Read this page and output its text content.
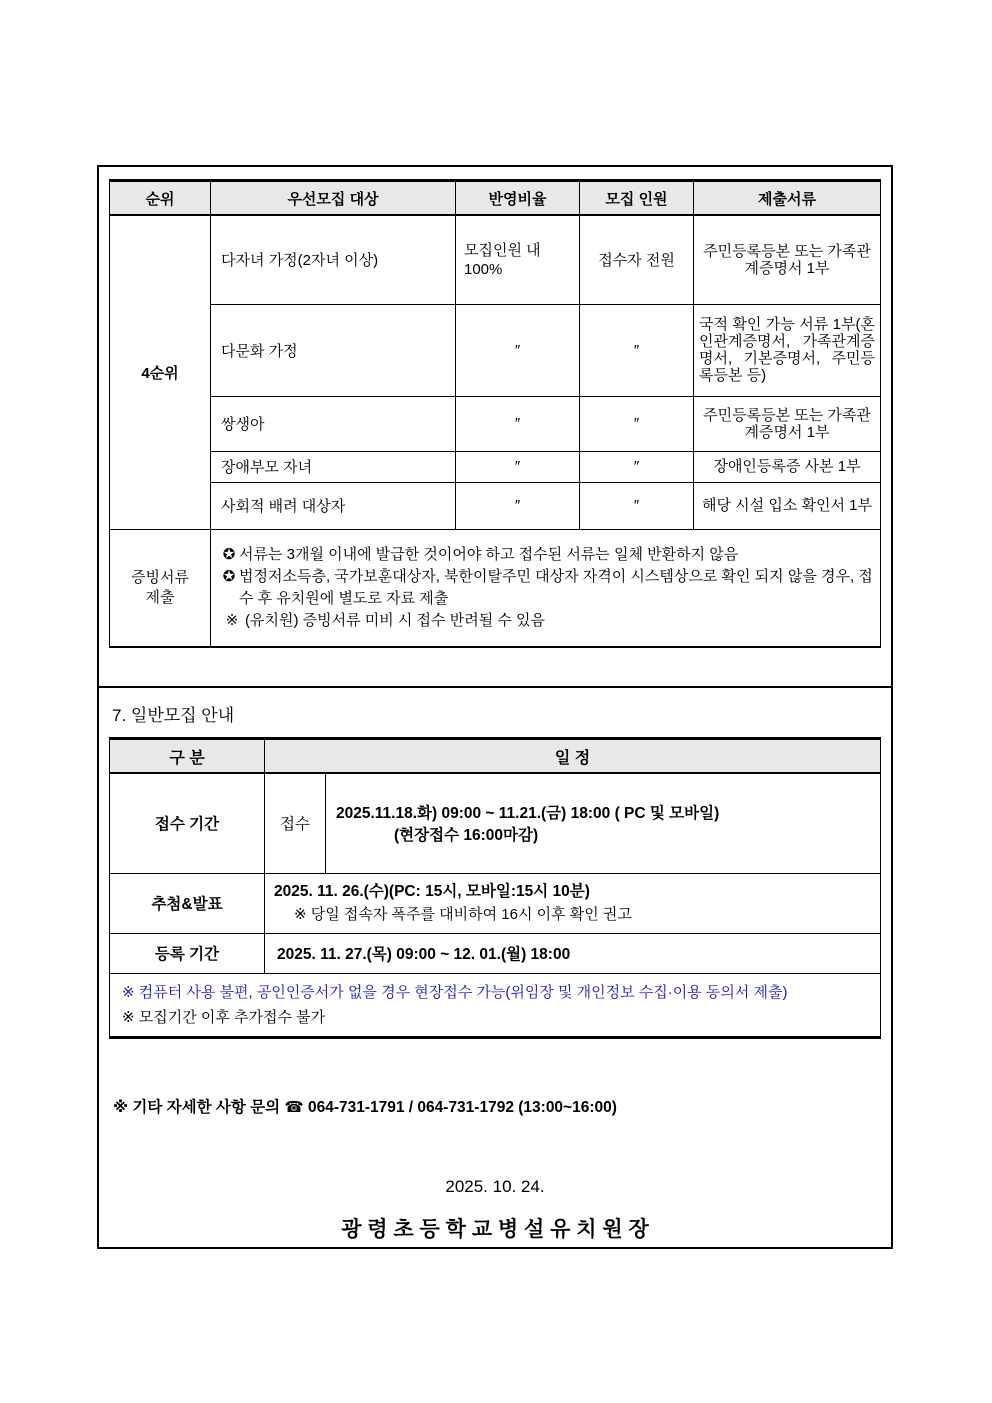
순위	우선모집 대상	반영비율	모집 인원	제출서류
4순위	다자녀 가정(2자녀 이상)	모집인원 내 100%	접수자 전원	주민등록등본 또는 가족관계증명서 1부
	다문화 가정	″	″	국적 확인 가능 서류 1부(혼인관계증명서, 가족관계증명서, 기본증명서, 주민등록등본 등)
	쌍생아	″	″	주민등록등본 또는 가족관계증명서 1부
	장애부모 자녀	″	″	장애인등록증 사본 1부
	사회적 배려 대상자	″	″	해당 시설 입소 확인서 1부

증빙서류
제출

✪ 서류는 3개월 이내에 발급한 것이어야 하고 접수된 서류는 일체 반환하지 않음
✪ 법정저소득층, 국가보훈대상자, 북한이탈주민 대상자 자격이 시스템상으로 확인 되지 않을 경우, 접수 후 유치원에 별도로 자료 제출
※ (유치원) 증빙서류 미비 시 접수 반려될 수 있음
7. 일반모집 안내
구 분	일 정	
접수 기간	접수	2025.11.18.화) 09:00 ~ 11.21.(금) 18:00 ( PC 및 모바일)
(현장접수 16:00마감)

추첨&발표	2025. 11. 26.(수)(PC: 15시, 모바일:15시 10분)
※ 당일 접속자 폭주를 대비하여 16시 이후 확인 권고	

등록 기간	2025. 11. 27.(목) 09:00 ~ 12. 01.(월) 18:00	

※ 컴퓨터 사용 불편, 공인인증서가 없을 경우 현장접수 가능(위임장 및 개인정보 수집·이용 동의서 제출)
※ 모집기간 이후 추가접수 불가		
※ 기타 자세한 사항 문의 ☎ 064-731-1791 / 064-731-1792 (13:00~16:00)
2025. 10. 24.
광 령 초 등 학 교 병 설 유 치 원 장
